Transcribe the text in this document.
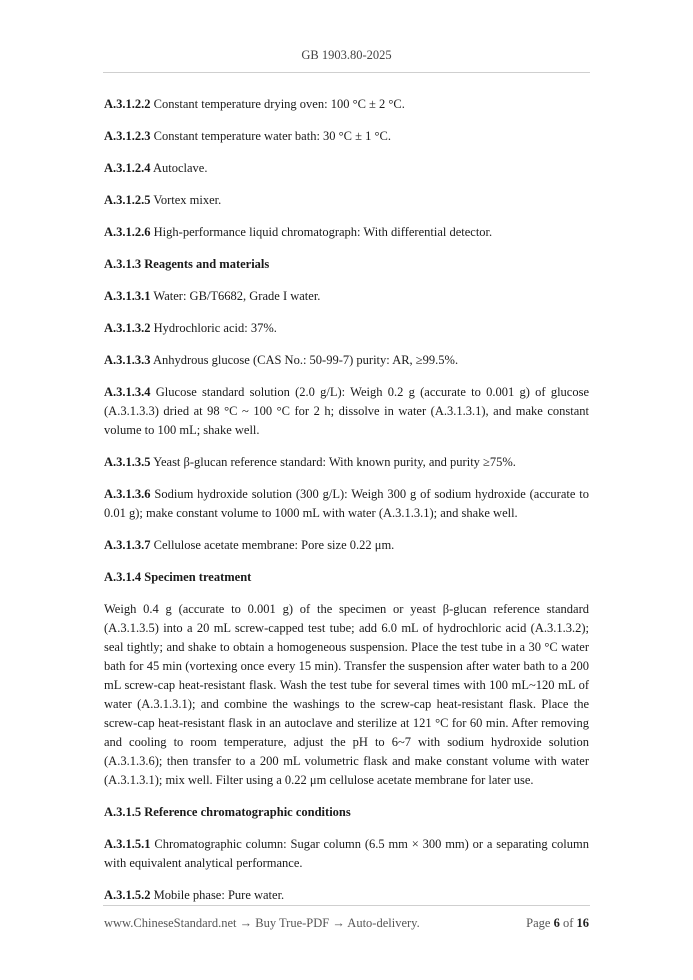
GB 1903.80-2025

A.3.1.2.2 Constant temperature drying oven: 100 °C ± 2 °C.

A.3.1.2.3 Constant temperature water bath: 30 °C ± 1 °C.

A.3.1.2.4 Autoclave.

A.3.1.2.5 Vortex mixer.

A.3.1.2.6 High-performance liquid chromatograph: With differential detector.

A.3.1.3 Reagents and materials

A.3.1.3.1 Water: GB/T6682, Grade I water.

A.3.1.3.2 Hydrochloric acid: 37%.

A.3.1.3.3 Anhydrous glucose (CAS No.: 50-99-7) purity: AR, ≥99.5%.

A.3.1.3.4 Glucose standard solution (2.0 g/L): Weigh 0.2 g (accurate to 0.001 g) of glucose (A.3.1.3.3) dried at 98 °C ~ 100 °C for 2 h; dissolve in water (A.3.1.3.1), and make constant volume to 100 mL; shake well.

A.3.1.3.5 Yeast β-glucan reference standard: With known purity, and purity ≥75%.

A.3.1.3.6 Sodium hydroxide solution (300 g/L): Weigh 300 g of sodium hydroxide (accurate to 0.01 g); make constant volume to 1000 mL with water (A.3.1.3.1); and shake well.

A.3.1.3.7 Cellulose acetate membrane: Pore size 0.22 μm.

A.3.1.4 Specimen treatment

Weigh 0.4 g (accurate to 0.001 g) of the specimen or yeast β-glucan reference standard (A.3.1.3.5) into a 20 mL screw-capped test tube; add 6.0 mL of hydrochloric acid (A.3.1.3.2); seal tightly; and shake to obtain a homogeneous suspension. Place the test tube in a 30 °C water bath for 45 min (vortexing once every 15 min). Transfer the suspension after water bath to a 200 mL screw-cap heat-resistant flask. Wash the test tube for several times with 100 mL~120 mL of water (A.3.1.3.1); and combine the washings to the screw-cap heat-resistant flask. Place the screw-cap heat-resistant flask in an autoclave and sterilize at 121 °C for 60 min. After removing and cooling to room temperature, adjust the pH to 6~7 with sodium hydroxide solution (A.3.1.3.6); then transfer to a 200 mL volumetric flask and make constant volume with water (A.3.1.3.1); mix well. Filter using a 0.22 μm cellulose acetate membrane for later use.

A.3.1.5 Reference chromatographic conditions

A.3.1.5.1 Chromatographic column: Sugar column (6.5 mm × 300 mm) or a separating column with equivalent analytical performance.

A.3.1.5.2 Mobile phase: Pure water.

www.ChineseStandard.net → Buy True-PDF → Auto-delivery.	Page 6 of 16
